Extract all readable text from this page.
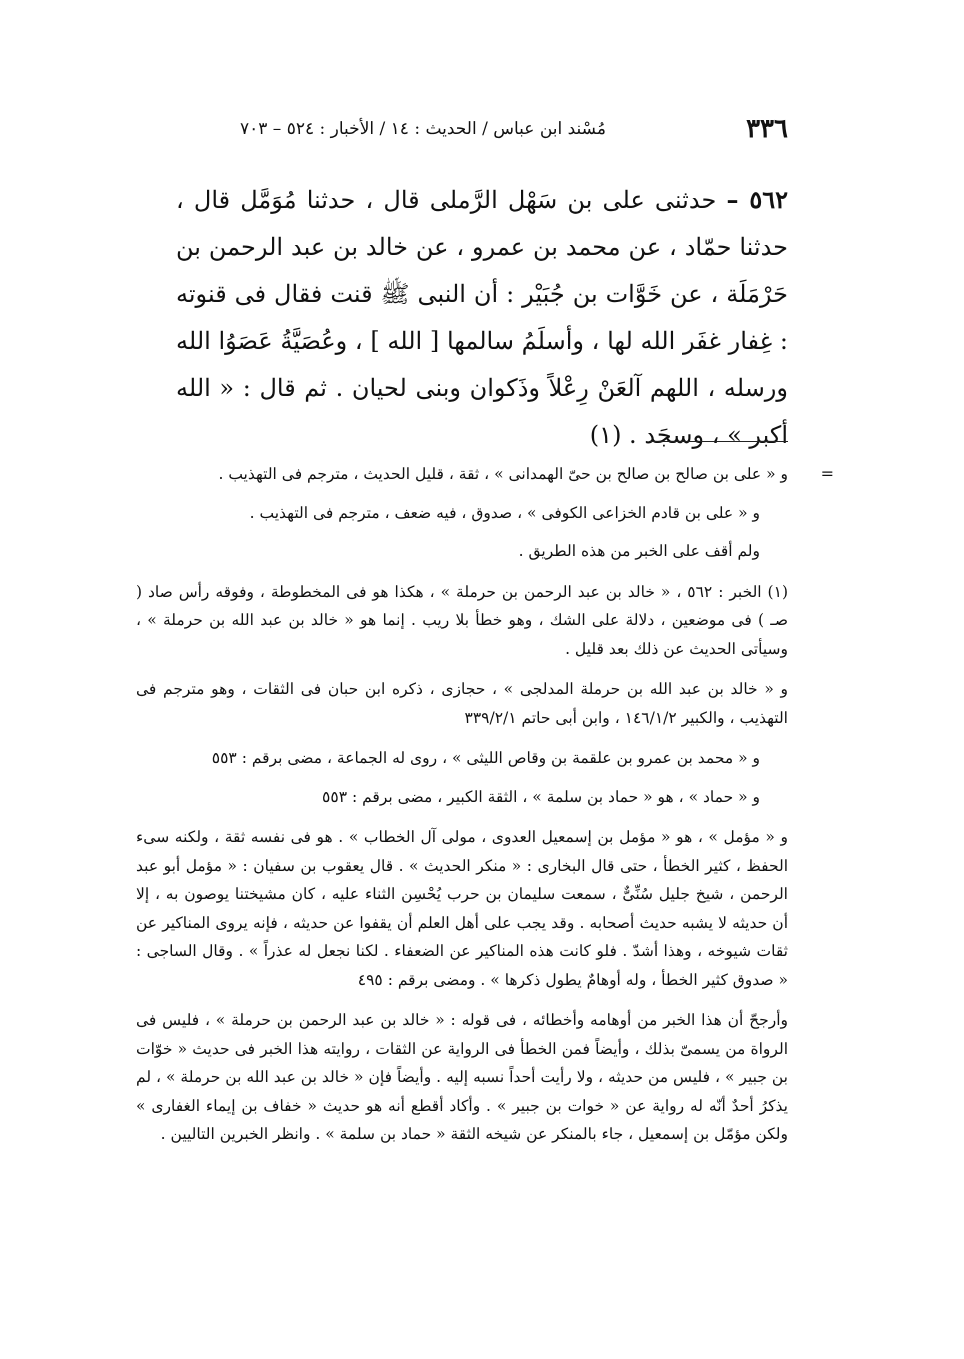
٣٣٦
مُسْند ابن عباس / الحديث : ١٤ / الأخبار : ٥٢٤ – ٧٠٣

٥٦٢ – حدثنى على بن سَهْل الرَّملى قال ، حدثنا مُوَمَّل قال ، حدثنا حمّاد ، عن محمد بن عمرو ، عن خالد بن عبد الرحمن بن حَرْمَلَة ، عن خَوَّات بن جُبَيْر : أن النبى ﷺ قنت فقال فى قنوته : غِفار غفَر الله لها ، وأسلَمُ سالمها [ الله ] ، وعُصَيَّةُ عَصَوُا الله ورسله ، اللهم آلعَنْ رِعْلاً وذَكوان وبنى لحيان . ثم قال : « الله أكبر » ، وسجَد . (١)

=
و « على بن صالح بن صالح بن حىّ الهمدانى » ، ثقة ، قليل الحديث ، مترجم فى التهذيب .

و « على بن قادم الخزاعى الكوفى » ، صدوق ، فيه ضعف ، مترجم فى التهذيب .

ولم أقف على الخبر من هذه الطريق .

(١) الخبر : ٥٦٢ ، « خالد بن عبد الرحمن بن حرملة » ، هكذا هو فى المخطوطة ، وفوقه رأس صاد ( صـ ) فى موضعين ، دلالة على الشك ، وهو خطأ بلا ريب . إنما هو « خالد بن عبد الله بن حرملة » ، وسيأتى الحديث عن ذلك بعد قليل .

و « خالد بن عبد الله بن حرملة المدلجى » ، حجازى ، ذكره ابن حبان فى الثقات ، وهو مترجم فى التهذيب ، والكبير ١٤٦/١/٢ ، وابن أبى حاتم ٣٣٩/٢/١

و « محمد بن عمرو بن علقمة بن وقاص الليثى » ، روى له الجماعة ، مضى برقم : ٥٥٣

و « حماد » ، هو « حماد بن سلمة » ، الثقة الكبير ، مضى برقم : ٥٥٣

و « مؤمل » ، هو « مؤمل بن إسمعيل العدوى ، مولى آل الخطاب » . هو فى نفسه ثقة ، ولكنه سىء الحفظ ، كثير الخطأ ، حتى قال البخارى : « منكر الحديث » . قال يعقوب بن سفيان : « مؤمل أبو عبد الرحمن ، شيخ جليل سُنِّىٌّ ، سمعت سليمان بن حرب يُحْسِن الثناء عليه ، كان مشيختنا يوصون به ، إلا أن حديثه لا يشبه حديث أصحابه . وقد يجب على أهل العلم أن يقفوا عن حديثه ، فإنه يروى المناكير عن ثقات شيوخه ، وهذا أشدّ . فلو كانت هذه المناكير عن الضعفاء . لكنا نجعل له عذراً » . وقال الساجى : « صدوق كثير الخطأ ، وله أوهامٌ يطول ذكرها » . ومضى برقم : ٤٩٥

وأرجحّ أن هذا الخبر من أوهامه وأخطائه ، فى قوله : « خالد بن عبد الرحمن بن حرملة » ، فليس فى الرواة من يسمىّ بذلك ، وأيضاً فمن الخطأ فى الرواية عن الثقات ، روايته هذا الخبر فى حديث « خوّات بن جبير » ، فليس من حديثه ، ولا رأيت أحداً نسبه إليه . وأيضاً فإن « خالد بن عبد الله بن حرملة » ، لم يذكرُ أحدٌ أنّه له رواية عن « خوات بن جبير » . وأكاد أقطع أنه هو حديث « خفاف بن إيماء الغفارى » ولكن مؤمّل بن إسمعيل ، جاء بالمنكر عن شيخه الثقة « حماد بن سلمة » . وانظر الخبرين التاليين .
